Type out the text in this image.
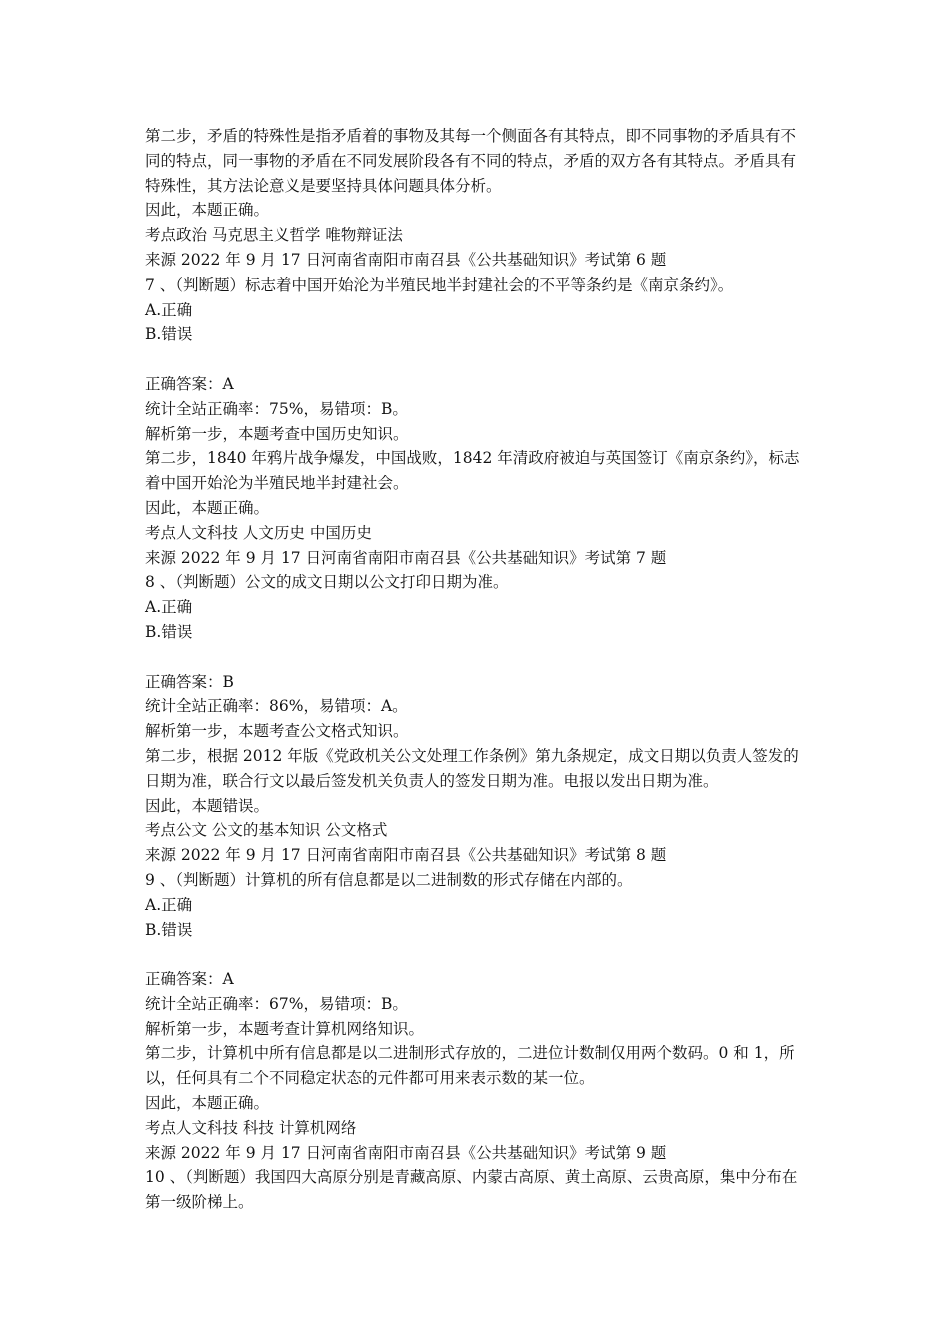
第二步，矛盾的特殊性是指矛盾着的事物及其每一个侧面各有其特点，即不同事物的矛盾具有不同的特点，同一事物的矛盾在不同发展阶段各有不同的特点，矛盾的双方各有其特点。矛盾具有特殊性，其方法论意义是要坚持具体问题具体分析。

因此，本题正确。

考点政治 马克思主义哲学 唯物辩证法

来源 2022 年 9 月 17 日河南省南阳市南召县《公共基础知识》考试第 6 题

7 、（判断题）标志着中国开始沦为半殖民地半封建社会的不平等条约是《南京条约》。

A.正确

B.错误

正确答案：A

统计全站正确率：75%，易错项：B。

解析第一步，本题考查中国历史知识。

第二步，1840 年鸦片战争爆发，中国战败，1842 年清政府被迫与英国签订《南京条约》，标志着中国开始沦为半殖民地半封建社会。

因此，本题正确。

考点人文科技 人文历史 中国历史

来源 2022 年 9 月 17 日河南省南阳市南召县《公共基础知识》考试第 7 题

8 、（判断题）公文的成文日期以公文打印日期为准。

A.正确

B.错误

正确答案：B

统计全站正确率：86%，易错项：A。

解析第一步，本题考查公文格式知识。

第二步，根据 2012 年版《党政机关公文处理工作条例》第九条规定，成文日期以负责人签发的日期为准，联合行文以最后签发机关负责人的签发日期为准。电报以发出日期为准。

因此，本题错误。

考点公文 公文的基本知识 公文格式

来源 2022 年 9 月 17 日河南省南阳市南召县《公共基础知识》考试第 8 题

9 、（判断题）计算机的所有信息都是以二进制数的形式存储在内部的。

A.正确

B.错误

正确答案：A

统计全站正确率：67%，易错项：B。

解析第一步，本题考查计算机网络知识。

第二步，计算机中所有信息都是以二进制形式存放的，二进位计数制仅用两个数码。0 和 1，所以，任何具有二个不同稳定状态的元件都可用来表示数的某一位。

因此，本题正确。

考点人文科技 科技 计算机网络

来源 2022 年 9 月 17 日河南省南阳市南召县《公共基础知识》考试第 9 题

10 、（判断题）我国四大高原分别是青藏高原、内蒙古高原、黄土高原、云贵高原，集中分布在第一级阶梯上。
